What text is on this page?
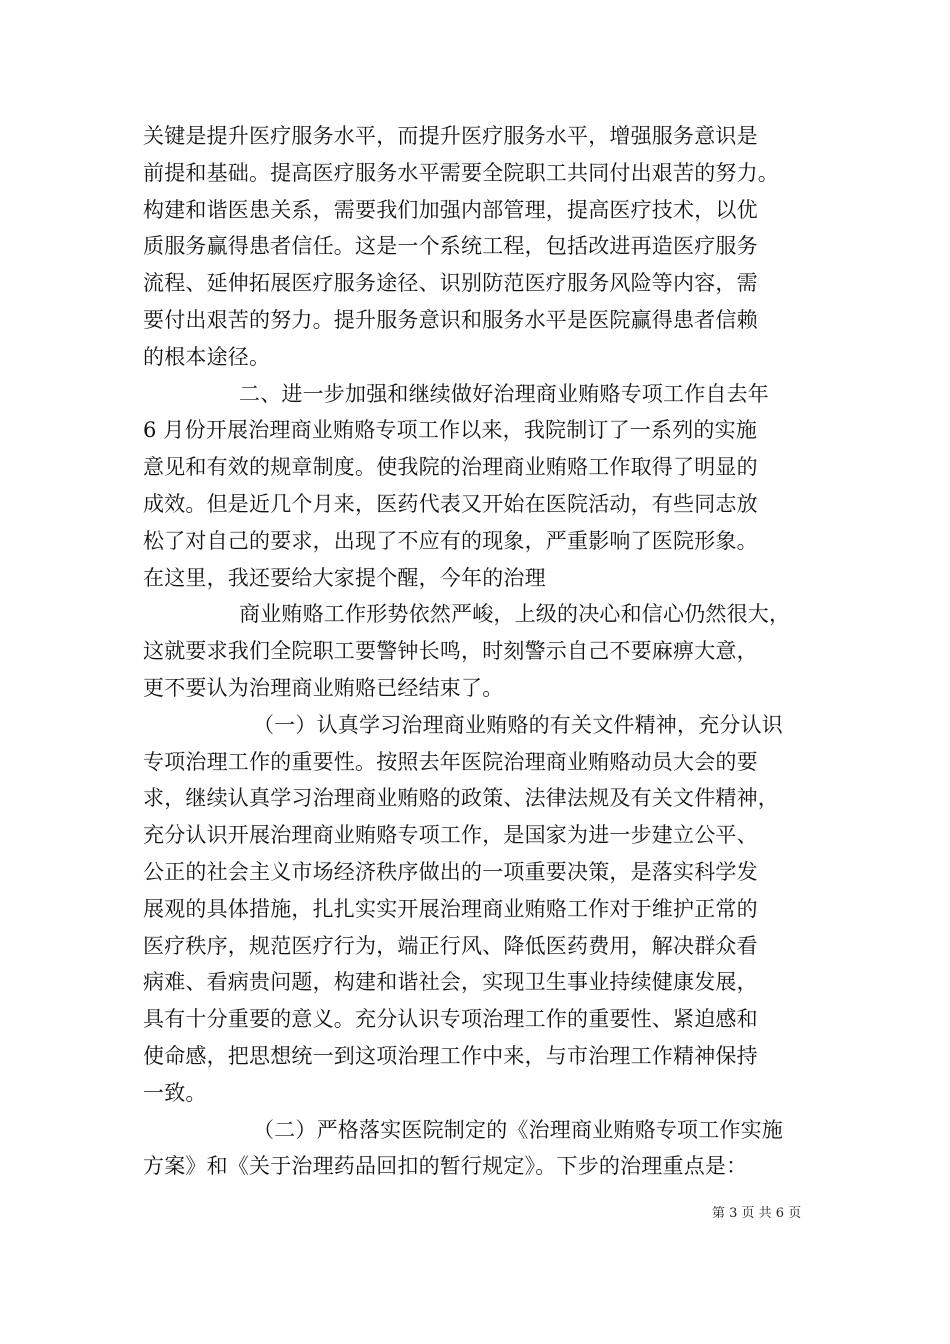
关键是提升医疗服务水平，而提升医疗服务水平，增强服务意识是
前提和基础。提高医疗服务水平需要全院职工共同付出艰苦的努力。
构建和谐医患关系，需要我们加强内部管理，提高医疗技术，以优
质服务赢得患者信任。这是一个系统工程，包括改进再造医疗服务
流程、延伸拓展医疗服务途径、识别防范医疗服务风险等内容，需
要付出艰苦的努力。提升服务意识和服务水平是医院赢得患者信赖
的根本途径。
二、进一步加强和继续做好治理商业贿赂专项工作自去年
6 月份开展治理商业贿赂专项工作以来，我院制订了一系列的实施
意见和有效的规章制度。使我院的治理商业贿赂工作取得了明显的
成效。但是近几个月来，医药代表又开始在医院活动，有些同志放
松了对自己的要求，出现了不应有的现象，严重影响了医院形象。
在这里，我还要给大家提个醒，今年的治理
商业贿赂工作形势依然严峻，上级的决心和信心仍然很大，
这就要求我们全院职工要警钟长鸣，时刻警示自己不要麻痹大意，
更不要认为治理商业贿赂已经结束了。
（一）认真学习治理商业贿赂的有关文件精神，充分认识
专项治理工作的重要性。按照去年医院治理商业贿赂动员大会的要
求，继续认真学习治理商业贿赂的政策、法律法规及有关文件精神，
充分认识开展治理商业贿赂专项工作，是国家为进一步建立公平、
公正的社会主义市场经济秩序做出的一项重要决策，是落实科学发
展观的具体措施，扎扎实实开展治理商业贿赂工作对于维护正常的
医疗秩序，规范医疗行为，端正行风、降低医药费用，解决群众看
病难、看病贵问题，构建和谐社会，实现卫生事业持续健康发展，
具有十分重要的意义。充分认识专项治理工作的重要性、紧迫感和
使命感，把思想统一到这项治理工作中来，与市治理工作精神保持
一致。
（二）严格落实医院制定的《治理商业贿赂专项工作实施
方案》和《关于治理药品回扣的暂行规定》。下步的治理重点是：
第 3 页 共 6 页
